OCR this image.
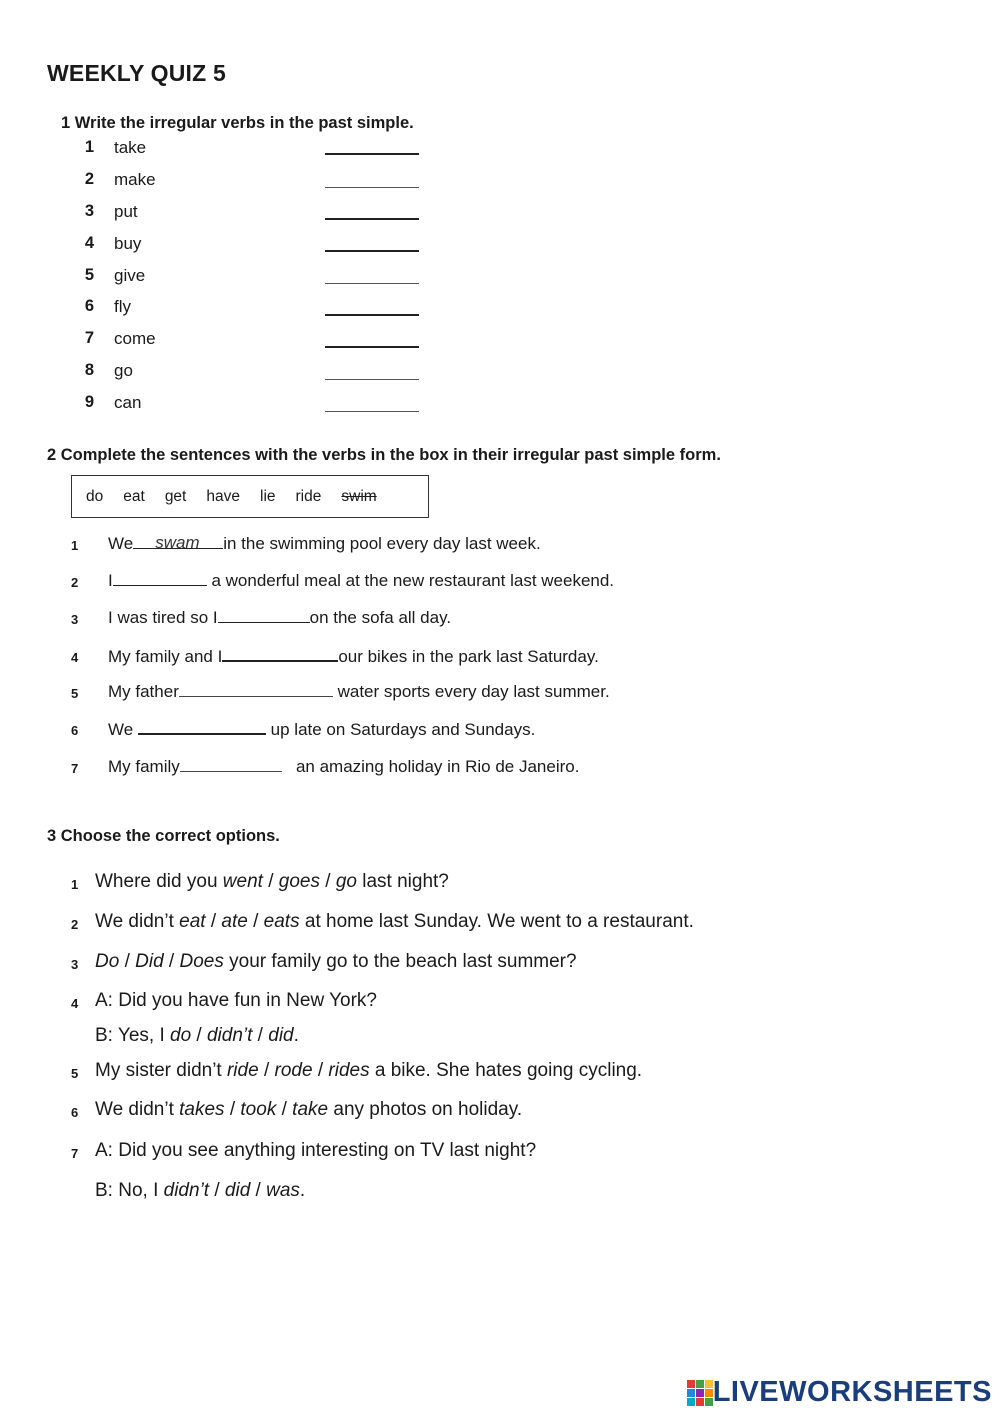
WEEKLY QUIZ 5
1 Write the irregular verbs in the past simple.
1 take
2 make
3 put
4 buy
5 give
6 fly
7 come
8 go
9 can
2 Complete the sentences with the verbs in the box in their irregular past simple form.
do eat get have lie ride swim
1 We swam in the swimming pool every day last week.
2 I	a wonderful meal at the new restaurant last weekend.
3 I was tired so I	on the sofa all day.
4 My family and I	our bikes in the park last Saturday.
5 My father	water sports every day last summer.
6 We	up late on Saturdays and Sundays.
7 My family	an amazing holiday in Rio de Janeiro.
3 Choose the correct options.
1 Where did you went / goes / go last night?
2 We didn’t eat / ate / eats at home last Sunday. We went to a restaurant.
3 Do / Did / Does your family go to the beach last summer?
4 A: Did you have fun in New York?
B: Yes, I do / didn’t / did.
5 My sister didn’t ride / rode / rides a bike. She hates going cycling.
6 We didn’t takes / took / take any photos on holiday.
7 A: Did you see anything interesting on TV last night?
B: No, I didn’t / did / was.
LIVEWORKSHEETS
